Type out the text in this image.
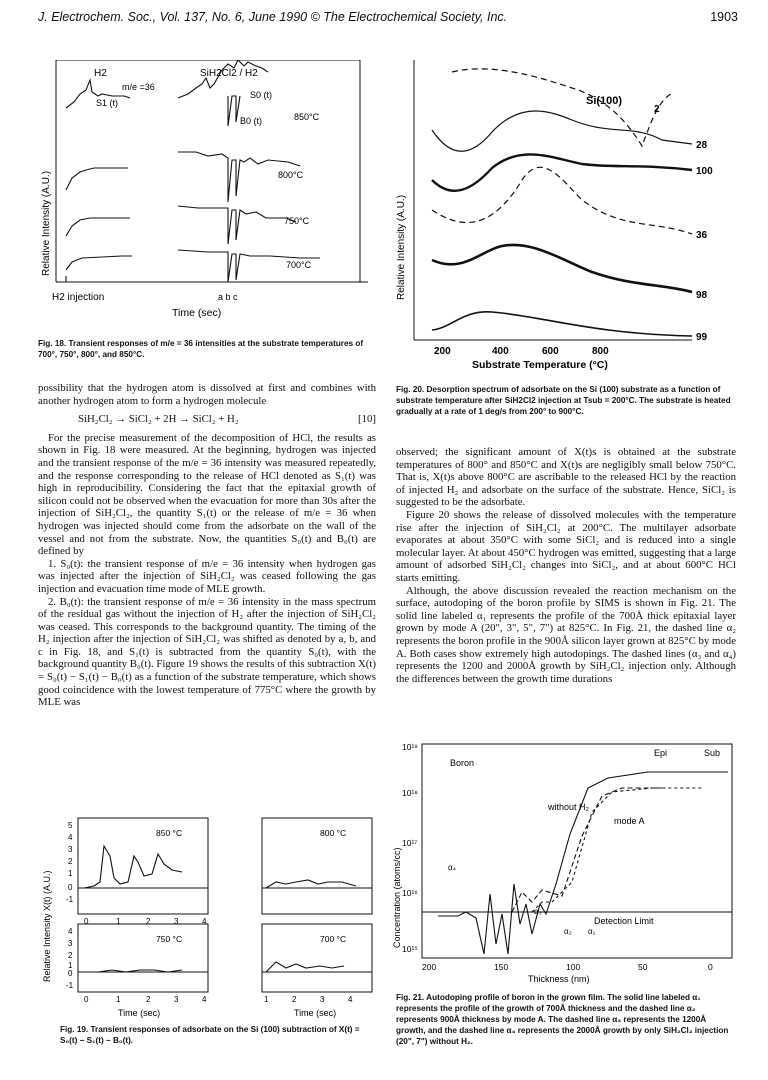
J. Electrochem. Soc., Vol. 137, No. 6, June 1990 © The Electrochemical Society, Inc.	1903
H2	SiH2Cl2 / H2
m/e =36
S1 (t)
S0 (t)
B0 (t)	850°C
800°C
750°C
700°C
H2 injection	a b c
Time (sec)
Relative Intensity (A.U.)
Fig. 18. Transient responses of m/e = 36 intensities at the substrate temperatures of 700°, 750°, 800°, and 850°C.
Si(100)
2
28
100
36
98
99
200	400	600	800
Substrate Temperature (°C)
Relative Intensity (A.U.)
Fig. 20. Desorption spectrum of adsorbate on the Si (100) substrate as a function of substrate temperature after SiH2Cl2 injection at Tsub = 200°C. The substrate is heated gradually at a rate of 1 deg/s from 200° to 900°C.

possibility that the hydrogen atom is dissolved at first and combines with another hydrogen atom to form a hydrogen molecule

SiH₂Cl₂ → SiCl₂ + 2H → SiCl₂ + H₂	[10]

For the precise measurement of the decomposition of HCl, the results as shown in Fig. 18 were measured. At the beginning, hydrogen was injected and the transient response of the m/e = 36 intensity was measured repeatedly, and the response corresponding to the release of HCl denoted as S₁(t) was high in reproducibility. Considering the fact that the epitaxial growth of silicon could not be observed when the evacuation for more than 30s after the injection of SiH₂Cl₂, the quantity S₁(t) or the release of m/e = 36 when hydrogen was injected should come from the adsorbate on the wall of the vessel and not from the substrate. Now, the quantities S₀(t) and B₀(t) are defined by

1. S₀(t): the transient response of m/e = 36 intensity when hydrogen gas was injected after the injection of SiH₂Cl₂ was ceased following the gas injection and evacuation time mode of MLE growth.

2. B₀(t): the transient response of m/e = 36 intensity in the mass spectrum of the residual gas without the injection of H₂ after the injection of SiH₂Cl₂ was ceased. This corresponds to the background quantity. The timing of the H₂ injection after the injection of SiH₂Cl₂ was shifted as denoted by a, b, and c in Fig. 18, and S₁(t) is subtracted from the quantity S₀(t), with the background quantity B₀(t). Figure 19 shows the results of this subtraction X(t) = S₀(t) − S₁(t) − B₀(t) as a function of the substrate temperature, which shows good coincidence with the lowest temperature of 775°C where the growth by MLE was

observed; the significant amount of X(t)s is obtained at the substrate temperatures of 800° and 850°C and X(t)s are negligibly small below 750°C. That is, X(t)s above 800°C are ascribable to the released HCl by the reaction of injected H₂ and adsorbate on the surface of the substrate. Hence, SiCl₂ is suggested to be the adsorbate.

Figure 20 shows the release of dissolved molecules with the temperature rise after the injection of SiH₂Cl₂ at 200°C. The multilayer adsorbate evaporates at about 350°C with some SiCl₂ and is reduced into a single molecular layer. At about 450°C hydrogen was emitted, suggesting that a large amount of adsorbed SiH₂Cl₂ changes into SiCl₂, and at about 600°C HCl starts emitting.

Although, the above discussion revealed the reaction mechanism on the surface, autodoping of the boron profile by SIMS is shown in Fig. 21. The solid line labeled α₁ represents the profile of the 700Å thick epitaxial layer grown by mode A (20", 3", 5", 7") at 825°C. In Fig. 21, the dashed line α₂ represents the boron profile in the 900Å silicon layer grown at 825°C by mode A. Both cases show extremely high autodopings. The dashed lines (α₃ and α₄) represents the 1200 and 2000Å growth by SiH₂Cl₂ injection only. Although the differences between the growth time durations

850 °C	800 °C
750 °C	700 °C
5
4
3
2
1
0
-1
4
3
2
1
0
-1
0	1	2	3	4
0	1	2	3	4	1	2	3	4
Time (sec)	Time (sec)
Relative Intensity X(t) (A.U.)
Fig. 19. Transient responses of adsorbate on the Si (100) subtraction of X(t) = S₀(t) − S₁(t) − B₀(t).
10¹⁹
10¹⁸
10¹⁷
10¹⁶
10¹⁵
200	150	100	50	0
Boron
Epi	Sub
without H₂
mode A
Detection Limit
α₁
α₂
α₃
α₄
Thickness (nm)
Concentration (atoms/cc)
Fig. 21. Autodoping profile of boron in the grown film. The solid line labeled α₁ represents the profile of the growth of 700Å thickness and the dashed line α₂ represents 900Å thickness by mode A. The dashed line α₃ represents the 1200Å growth, and the dashed line α₄ represents the 2000Å growth by only SiH₂Cl₂ injection (20", 7") without H₂.
